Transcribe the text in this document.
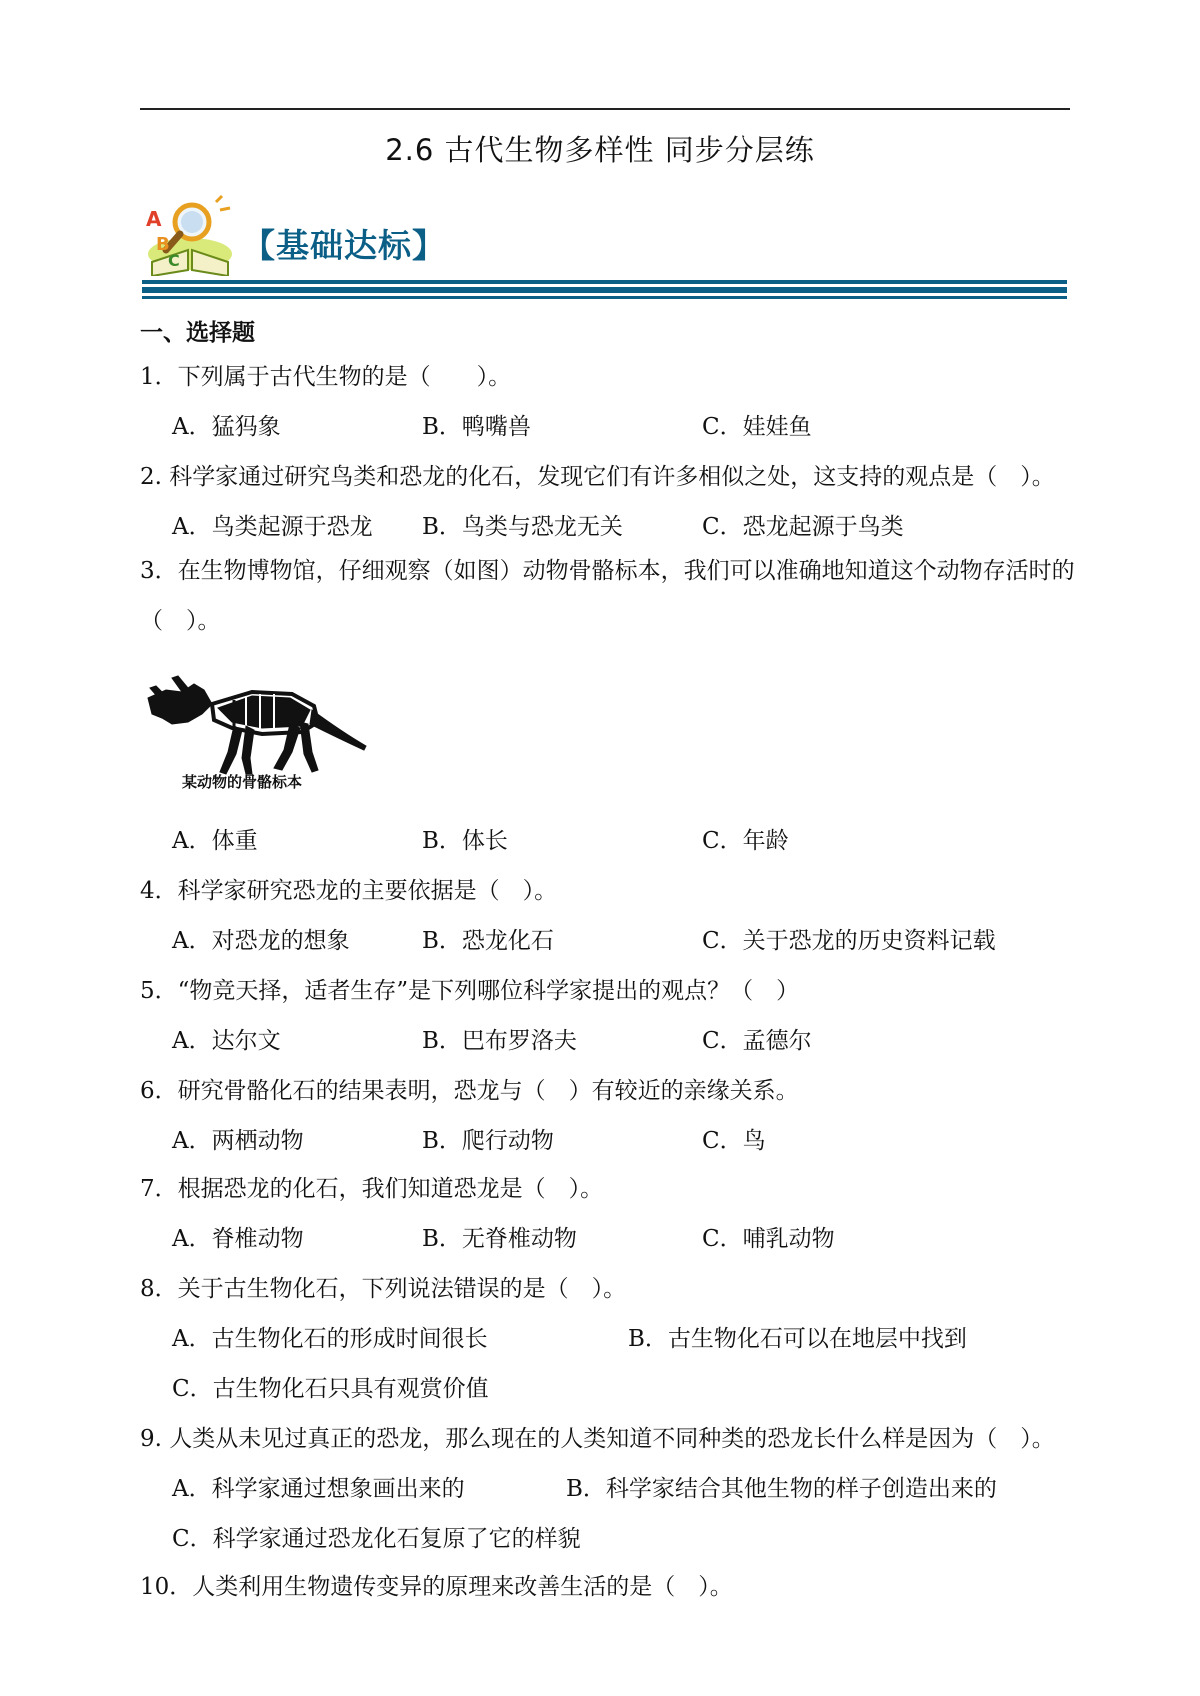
2.6 古代生物多样性 同步分层练
A
B
C 【基础达标】
一、选择题
1．下列属于古代生物的是（　　）。
A．猛犸象	B．鸭嘴兽	C．娃娃鱼
2. 科学家通过研究鸟类和恐龙的化石，发现它们有许多相似之处，这支持的观点是（　）。
A．鸟类起源于恐龙 B．鸟类与恐龙无关	C．恐龙起源于鸟类
3．在生物博物馆，仔细观察（如图）动物骨骼标本，我们可以准确地知道这个动物存活时的（　）。
某动物的骨骼标本
A．体重	B．体长	C．年龄
4．科学家研究恐龙的主要依据是（　）。
A．对恐龙的想象	B．恐龙化石	C．关于恐龙的历史资料记载
5．“物竞天择，适者生存”是下列哪位科学家提出的观点？（　）
A．达尔文	B．巴布罗洛夫	C．孟德尔
6．研究骨骼化石的结果表明，恐龙与（　）有较近的亲缘关系。
A．两栖动物	B．爬行动物	C．鸟
7．根据恐龙的化石，我们知道恐龙是（　）。
A．脊椎动物	B．无脊椎动物	C．哺乳动物
8．关于古生物化石，下列说法错误的是（　）。
A．古生物化石的形成时间很长	B．古生物化石可以在地层中找到
C．古生物化石只具有观赏价值
9. 人类从未见过真正的恐龙，那么现在的人类知道不同种类的恐龙长什么样是因为（　）。
A．科学家通过想象画出来的	B．科学家结合其他生物的样子创造出来的
C．科学家通过恐龙化石复原了它的样貌
10．人类利用生物遗传变异的原理来改善生活的是（　）。
